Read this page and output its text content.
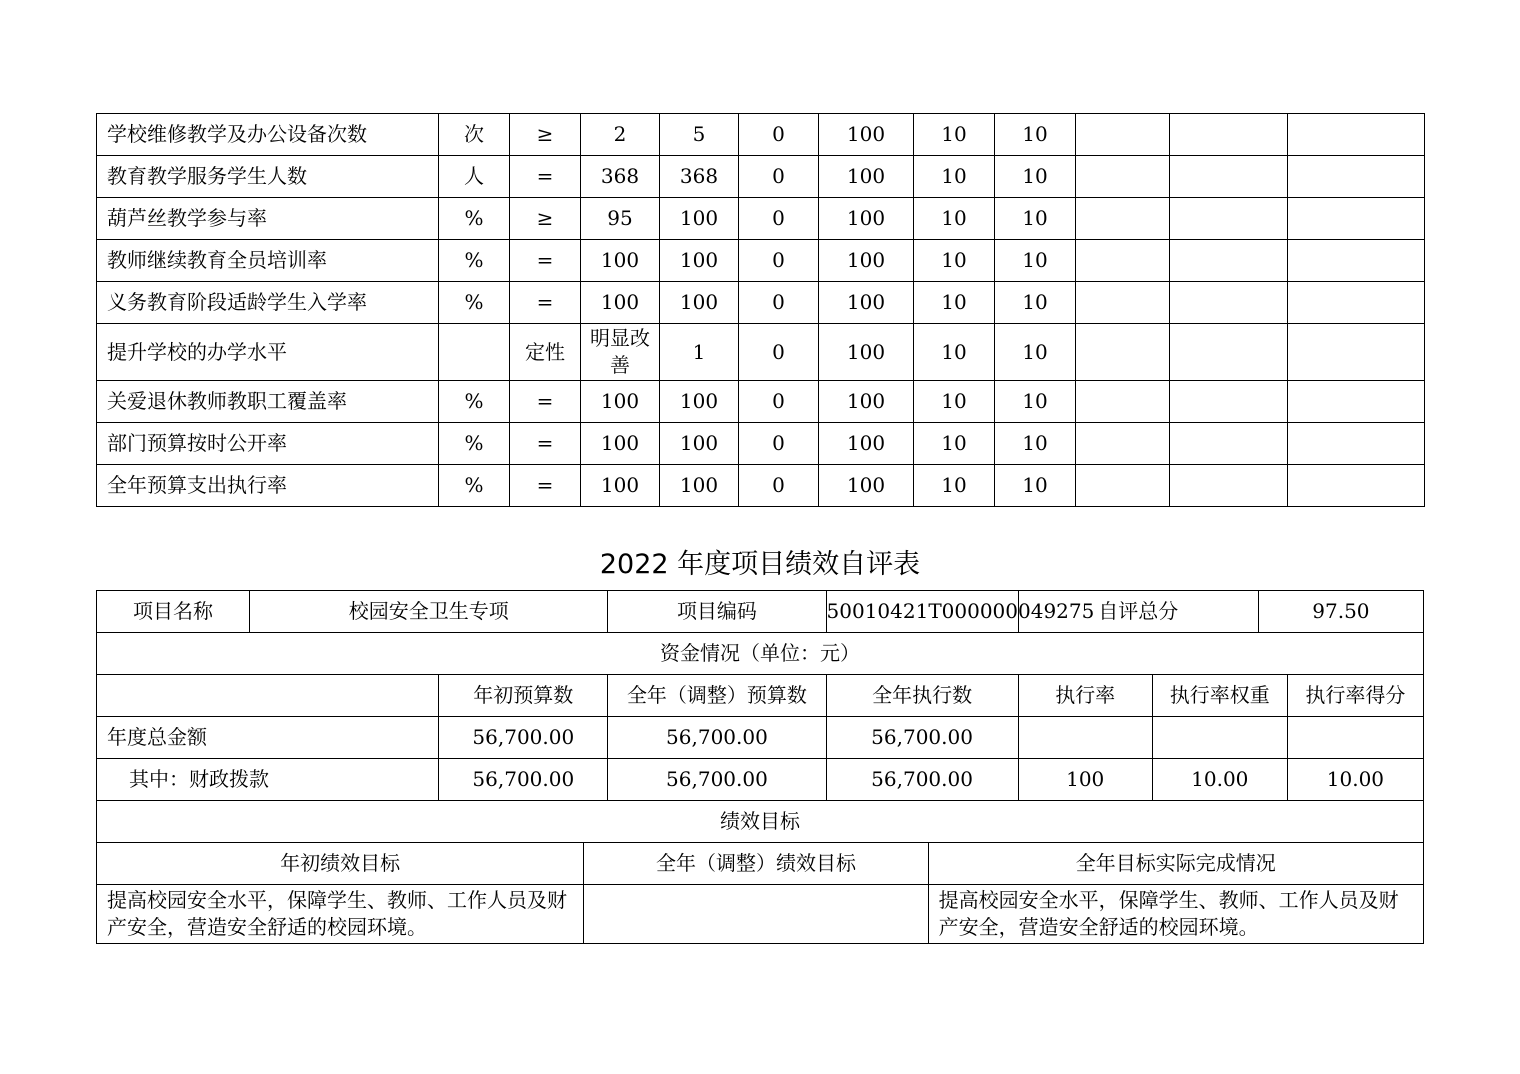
学校维修教学及办公设备次数	次	≥	2	5	0	100	10	10			
教育教学服务学生人数	人	=	368	368	0	100	10	10			
葫芦丝教学参与率	%	≥	95	100	0	100	10	10			
教师继续教育全员培训率	%	=	100	100	0	100	10	10			
义务教育阶段适龄学生入学率	%	=	100	100	0	100	10	10			
提升学校的办学水平		定性	明显改善	1	0	100	10	10			
关爱退休教师教职工覆盖率	%	=	100	100	0	100	10	10			
部门预算按时公开率	%	=	100	100	0	100	10	10			
全年预算支出执行率	%	=	100	100	0	100	10	10			
2022 年度项目绩效自评表
项目名称	校园安全卫生专项			项目编码	50010421T000000049275		自评总分		97.50	
资金情况（单位：元）										
		年初预算数		全年（调整）预算数	全年执行数		执行率	执行率权重		执行率得分
年度总金额		56,700.00		56,700.00	56,700.00					
其中：财政拨款		56,700.00		56,700.00	56,700.00		100	10.00		10.00
绩效目标										
年初绩效目标			全年（调整）绩效目标			全年目标实际完成情况				
提高校园安全水平，保障学生、教师、工作人员及财产安全，营造安全舒适的校园环境。						提高校园安全水平，保障学生、教师、工作人员及财产安全，营造安全舒适的校园环境。				
